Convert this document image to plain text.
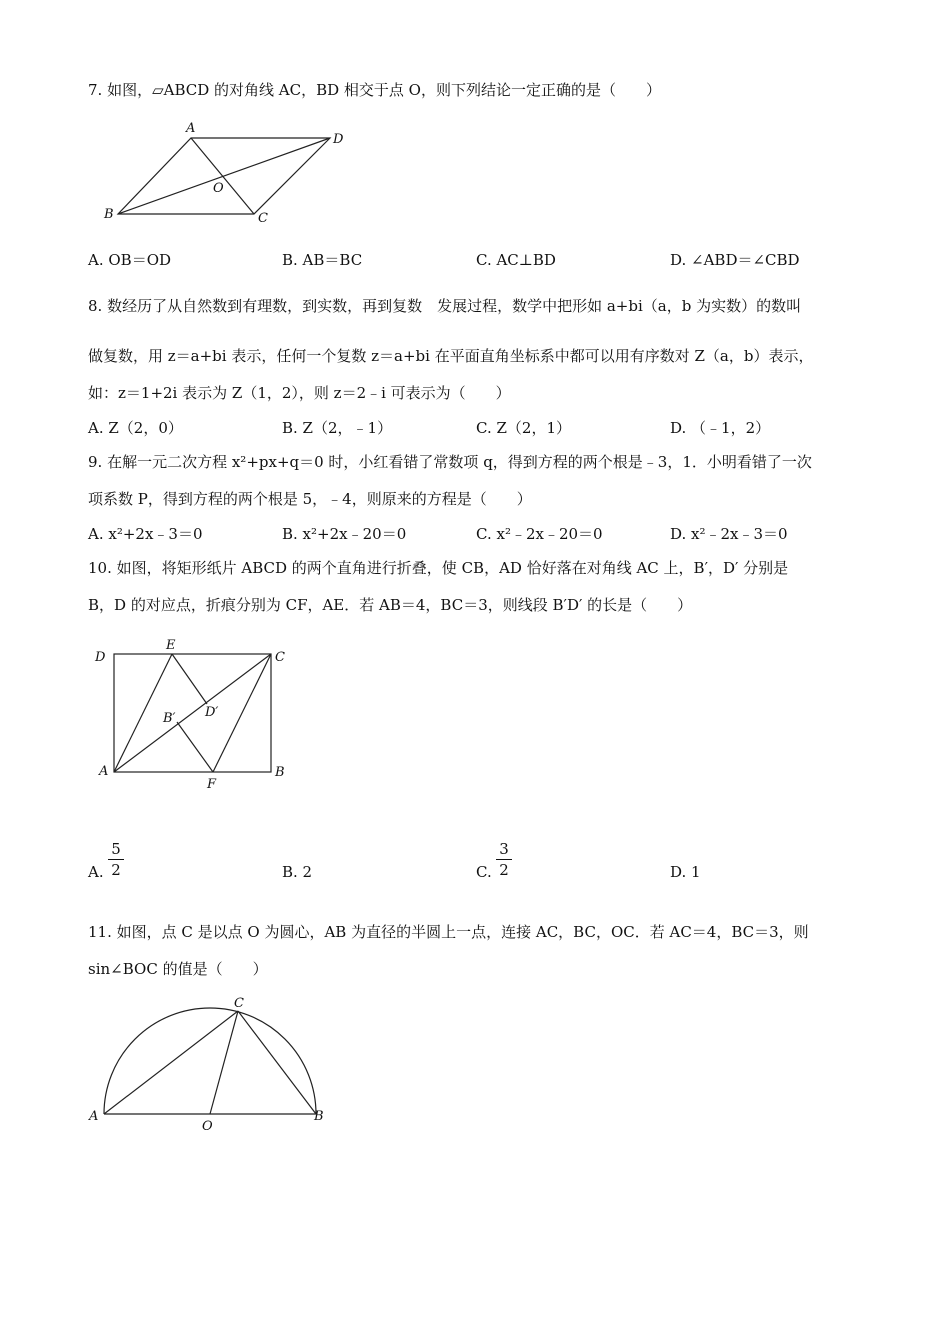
7. 如图，▱ABCD 的对角线 AC，BD 相交于点 O，则下列结论一定正确的是（　　）
A
D
B	C
O
A. OB＝OD	B. AB＝BC	C. AC⊥BD	D. ∠ABD＝∠CBD
8. 数经历了从自然数到有理数，到实数，再到复数　发展过程，数学中把形如 a+bi（a，b 为实数）的数叫
做复数，用 z＝a+bi 表示，任何一个复数 z＝a+bi 在平面直角坐标系中都可以用有序数对 Z（a，b）表示，
如：z＝1+2i 表示为 Z（1，2），则 z＝2﹣i 可表示为（　　）
A. Z（2，0）	B. Z（2，﹣1）	C. Z（2，1）	D. （﹣1，2）
9. 在解一元二次方程 x²+px+q＝0 时，小红看错了常数项 q，得到方程的两个根是﹣3，1．小明看错了一次
项系数 P，得到方程的两个根是 5，﹣4，则原来的方程是（　　）
A. x²+2x﹣3＝0	B. x²+2x﹣20＝0	C. x²﹣2x﹣20＝0	D. x²﹣2x﹣3＝0
10. 如图，将矩形纸片 ABCD 的两个直角进行折叠，使 CB，AD 恰好落在对角线 AC 上，B′，D′ 分别是
B，D 的对应点，折痕分别为 CF，AE．若 AB＝4，BC＝3，则线段 B′D′ 的长是（　　）
D
E
C
A	B
F
B′ D′
A.
5
2	B. 2	C.
3
2	D. 1
11. 如图，点 C 是以点 O 为圆心，AB 为直径的半圆上一点，连接 AC，BC，OC．若 AC＝4，BC＝3，则
sin∠BOC 的值是（　　）
C
A	B
O
